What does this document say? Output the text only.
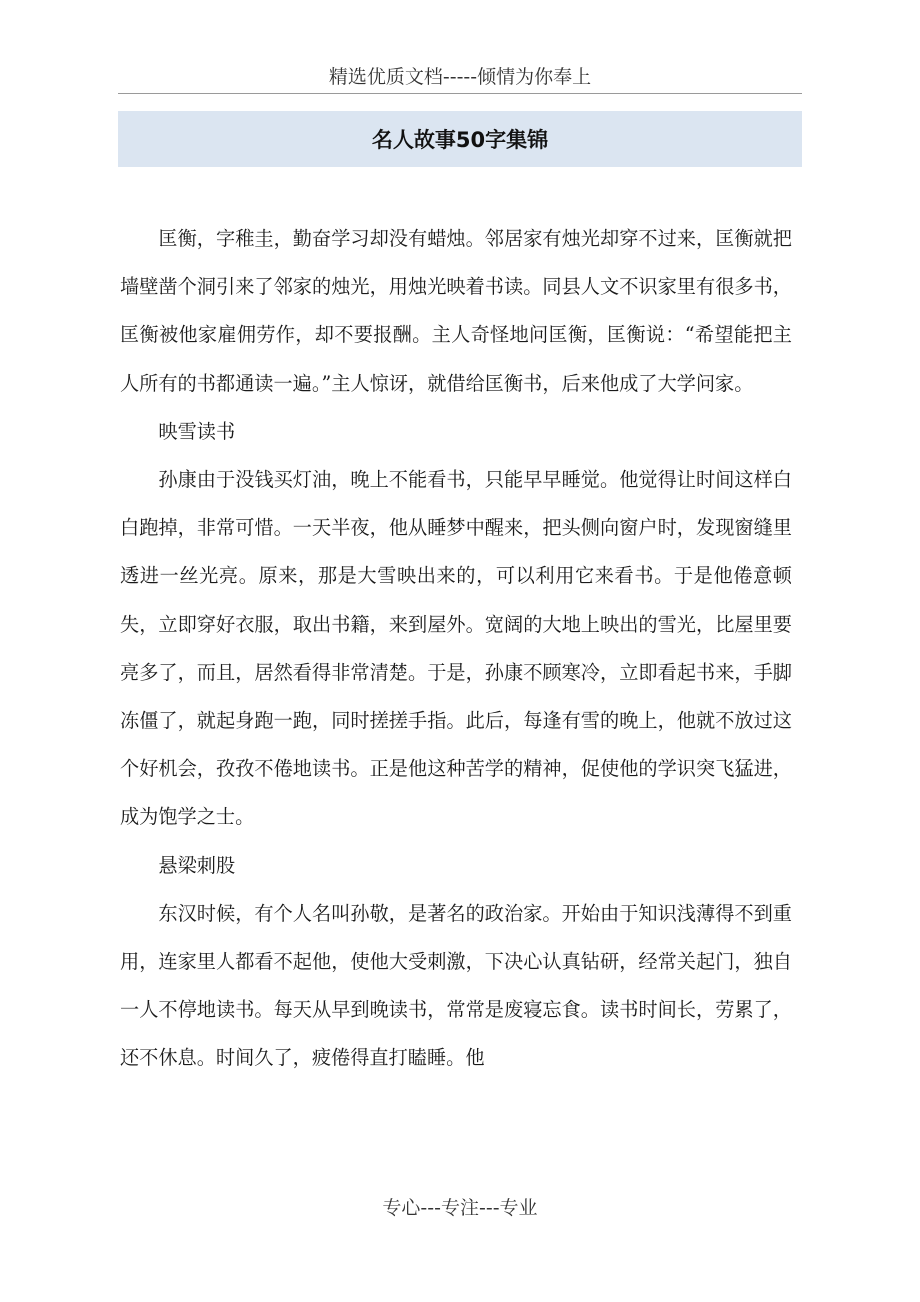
精选优质文档-----倾情为你奉上
名人故事50字集锦

匡衡，字稚圭，勤奋学习却没有蜡烛。邻居家有烛光却穿不过来，匡衡就把墙壁凿个洞引来了邻家的烛光，用烛光映着书读。同县人文不识家里有很多书，匡衡被他家雇佣劳作，却不要报酬。主人奇怪地问匡衡，匡衡说：“希望能把主人所有的书都通读一遍。”主人惊讶，就借给匡衡书，后来他成了大学问家。

映雪读书

孙康由于没钱买灯油，晚上不能看书，只能早早睡觉。他觉得让时间这样白白跑掉，非常可惜。一天半夜，他从睡梦中醒来，把头侧向窗户时，发现窗缝里透进一丝光亮。原来，那是大雪映出来的，可以利用它来看书。于是他倦意顿失，立即穿好衣服，取出书籍，来到屋外。宽阔的大地上映出的雪光，比屋里要亮多了，而且，居然看得非常清楚。于是，孙康不顾寒冷，立即看起书来，手脚冻僵了，就起身跑一跑，同时搓搓手指。此后，每逢有雪的晚上，他就不放过这个好机会，孜孜不倦地读书。正是他这种苦学的精神，促使他的学识突飞猛进，成为饱学之士。

悬梁刺股

东汉时候，有个人名叫孙敬，是著名的政治家。开始由于知识浅薄得不到重用，连家里人都看不起他，使他大受刺激，下决心认真钻研，经常关起门，独自一人不停地读书。每天从早到晚读书，常常是废寝忘食。读书时间长，劳累了，还不休息。时间久了，疲倦得直打瞌睡。他

专心---专注---专业
